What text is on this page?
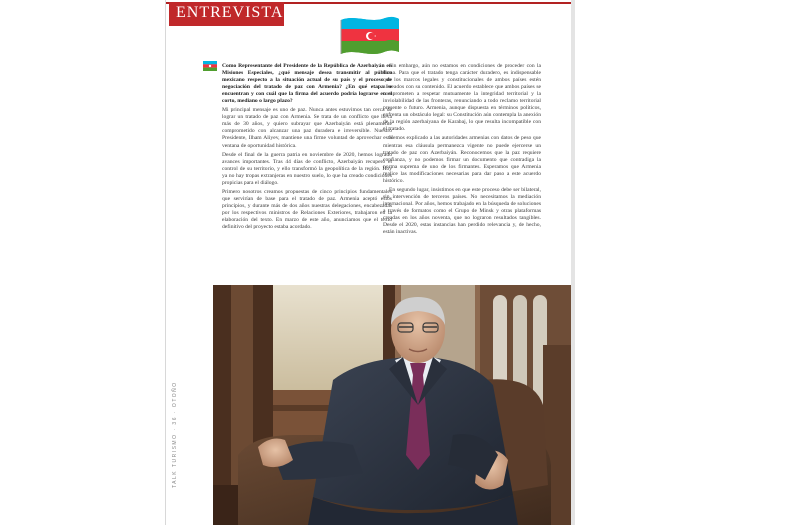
ENTREVISTA

Como Representante del Presidente de la República de Azerbaiyán en Misiones Especiales, ¿qué mensaje desea transmitir al público mexicano respecto a la situación actual de su país y el proceso de negociación del tratado de paz con Armenia? ¿En qué etapa se encuentran y con cuál que la firma del acuerdo podría lograrse en el corto, mediano o largo plazo?

Mi principal mensaje es uno de paz. Nunca antes estuvimos tan cerca de lograr un tratado de paz con Armenia. Se trata de un conflicto que lleva más de 30 años, y quiero subrayar que Azerbaiyán está plenamente comprometido con alcanzar una paz duradera e irreversible. Nuestro Presidente, Ilham Aliyev, mantiene una firme voluntad de aprovechar esta ventana de oportunidad histórica.

Desde el final de la guerra patria en noviembre de 2020, hemos logrado avances importantes. Tras 44 días de conflicto, Azerbaiyán recuperó el control de su territorio, y ello transformó la geopolítica de la región. Hoy ya no hay tropas extranjeras en nuestro suelo, lo que ha creado condiciones propicias para el diálogo.

Primero nosotros creamos propuestas de cinco principios fundamentales que servirían de base para el tratado de paz. Armenia aceptó estos principios, y durante más de dos años nuestras delegaciones, encabezadas por los respectivos ministros de Relaciones Exteriores, trabajaron en la elaboración del texto. En marzo de este año, anunciamos que el texto definitivo del proyecto estaba acordado.

Sin embargo, aún no estamos en condiciones de proceder con la firma. Para que el tratado tenga carácter duradero, es indispensable que los marcos legales y constitucionales de ambos países estén alineados con su contenido. El acuerdo establece que ambos países se comprometen a respetar mutuamente la integridad territorial y la inviolabilidad de las fronteras, renunciando a todo reclamo territorial presente o futuro. Armenia, aunque dispuesta en términos políticos, enfrenta un obstáculo legal: su Constitución aún contempla la anexión de la región azerbaiyana de Karabaj, lo que resulta incompatible con el tratado.

Hemos explicado a las autoridades armenias con datos de peso que mientras esa cláusula permanezca vigente no puede ejercerse un tratado de paz con Azerbaiyán. Reconocemos que la paz requiere confianza, y no podemos firmar un documento que contradiga la norma suprema de uno de los firmantes. Esperamos que Armenia realice las modificaciones necesarias para dar paso a este acuerdo histórico.

En segundo lugar, insistimos en que este proceso debe ser bilateral, sin intervención de terceros países. No necesitamos la mediación internacional. Por años, hemos trabajado en la búsqueda de soluciones a través de formatos como el Grupo de Minsk y otras plataformas creadas en los años noventa, que no lograron resultados tangibles. Desde el 2020, estas instancias han perdido relevancia y, de hecho, están inactivas.

TALK TURISMO · 36 · OTOÑO
